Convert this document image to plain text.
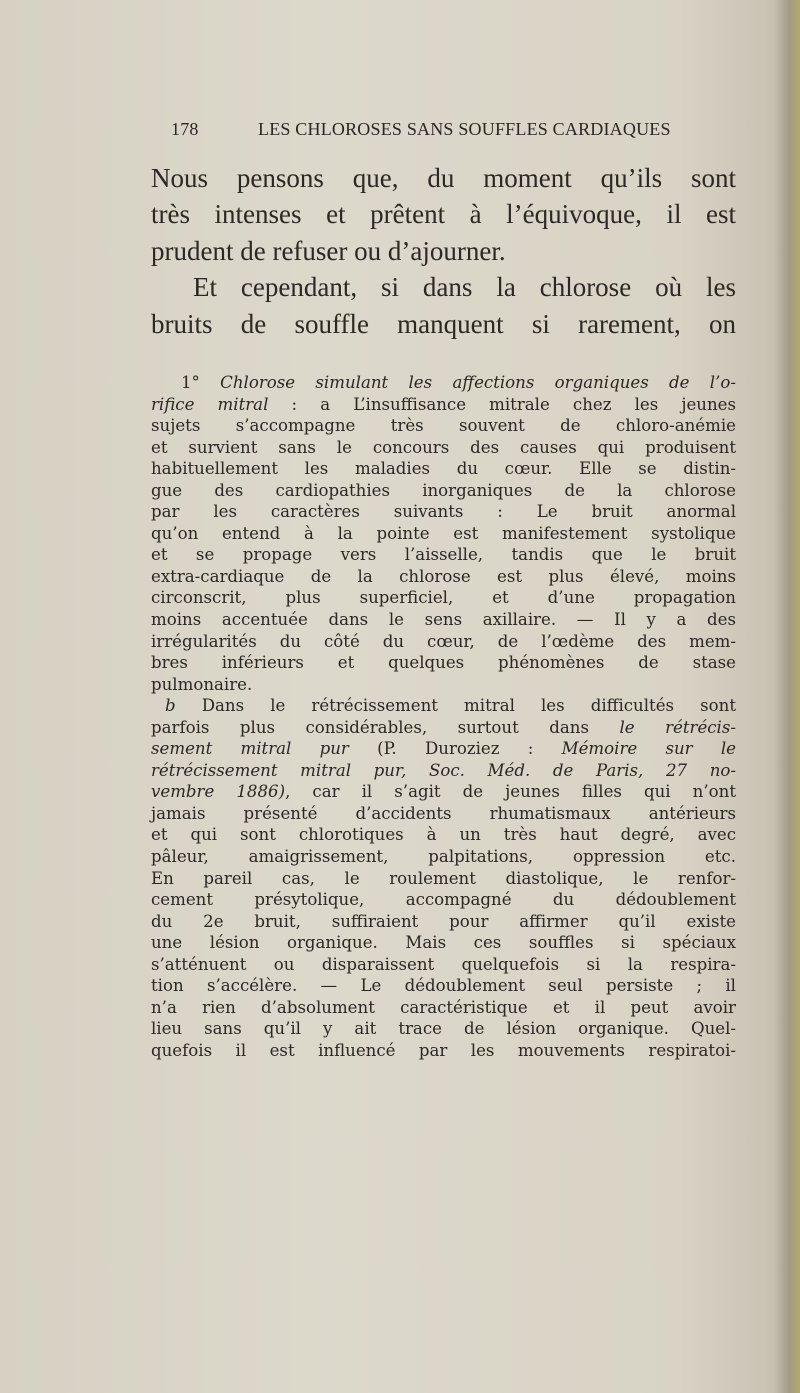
178	LES CHLOROSES SANS SOUFFLES CARDIAQUES
Nous pensons que, du moment qu’ils sont
très intenses et prêtent à l’équivoque, il est
prudent de refuser ou d’ajourner.
Et cependant, si dans la chlorose où les
bruits de souffle manquent si rarement, on
1° Chlorose simulant les affections organiques de l’o-
rifice mitral : a L’insuffisance mitrale chez les jeunes
sujets s’accompagne très souvent de chloro-anémie
et survient sans le concours des causes qui produisent
habituellement les maladies du cœur. Elle se distin-
gue des cardiopathies inorganiques de la chlorose
par les caractères suivants : Le bruit anormal
qu’on entend à la pointe est manifestement systolique
et se propage vers l’aisselle, tandis que le bruit
extra-cardiaque de la chlorose est plus élevé, moins
circonscrit, plus superficiel, et d’une propagation
moins accentuée dans le sens axillaire. — Il y a des
irrégularités du côté du cœur, de l’œdème des mem-
bres inférieurs et quelques phénomènes de stase
pulmonaire.
b Dans le rétrécissement mitral les difficultés sont
parfois plus considérables, surtout dans le rétrécis-
sement mitral pur (P. Duroziez : Mémoire sur le
rétrécissement mitral pur, Soc. Méd. de Paris, 27 no-
vembre 1886), car il s’agit de jeunes filles qui n’ont
jamais présenté d’accidents rhumatismaux antérieurs
et qui sont chlorotiques à un très haut degré, avec
pâleur, amaigrissement, palpitations, oppression etc.
En pareil cas, le roulement diastolique, le renfor-
cement présytolique, accompagné du dédoublement
du 2e bruit, suffiraient pour affirmer qu’il existe
une lésion organique. Mais ces souffles si spéciaux
s’atténuent ou disparaissent quelquefois si la respira-
tion s’accélère. — Le dédoublement seul persiste ; il
n’a rien d’absolument caractéristique et il peut avoir
lieu sans qu’il y ait trace de lésion organique. Quel-
quefois il est influencé par les mouvements respiratoi-
